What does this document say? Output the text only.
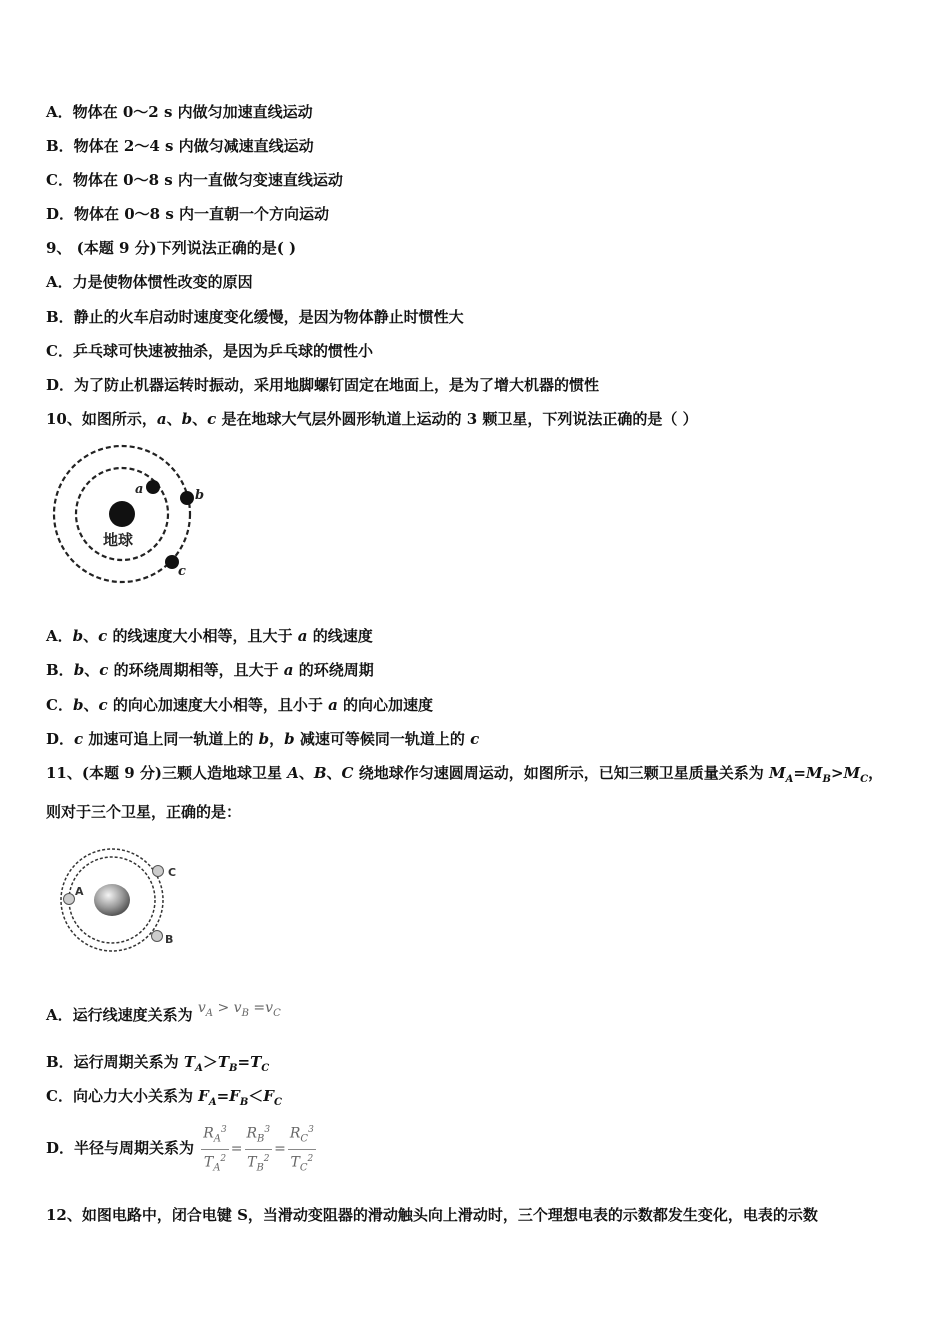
A．物体在 0～2 s 内做匀加速直线运动
B．物体在 2～4 s 内做匀减速直线运动
C．物体在 0～8 s 内一直做匀变速直线运动
D．物体在 0～8 s 内一直朝一个方向运动
9、 (本题 9 分)下列说法正确的是( )
A．力是使物体惯性改变的原因
B．静止的火车启动时速度变化缓慢，是因为物体静止时惯性大
C．乒乓球可快速被抽杀，是因为乒乓球的惯性小
D．为了防止机器运转时振动，采用地脚螺钉固定在地面上，是为了增大机器的惯性
10、如图所示，a、b、c 是在地球大气层外圆形轨道上运动的 3 颗卫星，下列说法正确的是（ ）
地球
a	b
c
A．b、c 的线速度大小相等，且大于 a 的线速度
B．b、c 的环绕周期相等，且大于 a 的环绕周期
C．b、c 的向心加速度大小相等，且小于 a 的向心加速度
D．c 加速可追上同一轨道上的 b，b 减速可等候同一轨道上的 c
11、(本题 9 分)三颗人造地球卫星 A、B、C 绕地球作匀速圆周运动，如图所示，已知三颗卫星质量关系为 $M_A=M_B>M_C$，
则对于三个卫星，正确的是：
A
C
B
A．运行线速度关系为 $v_A > v_B =v_C$
B．运行周期关系为 $T_A>T_B=T_C$
C．向心力大小关系为 $F_A=F_B<F_C$
D．半径与周期关系为 $\frac{R_A^3}{T_A^2} = \frac{R_B^3}{T_B^2} = \frac{R_C^3}{T_C^2}$
12、如图电路中，闭合电键 S，当滑动变阻器的滑动触头向上滑动时，三个理想电表的示数都发生变化，电表的示数
